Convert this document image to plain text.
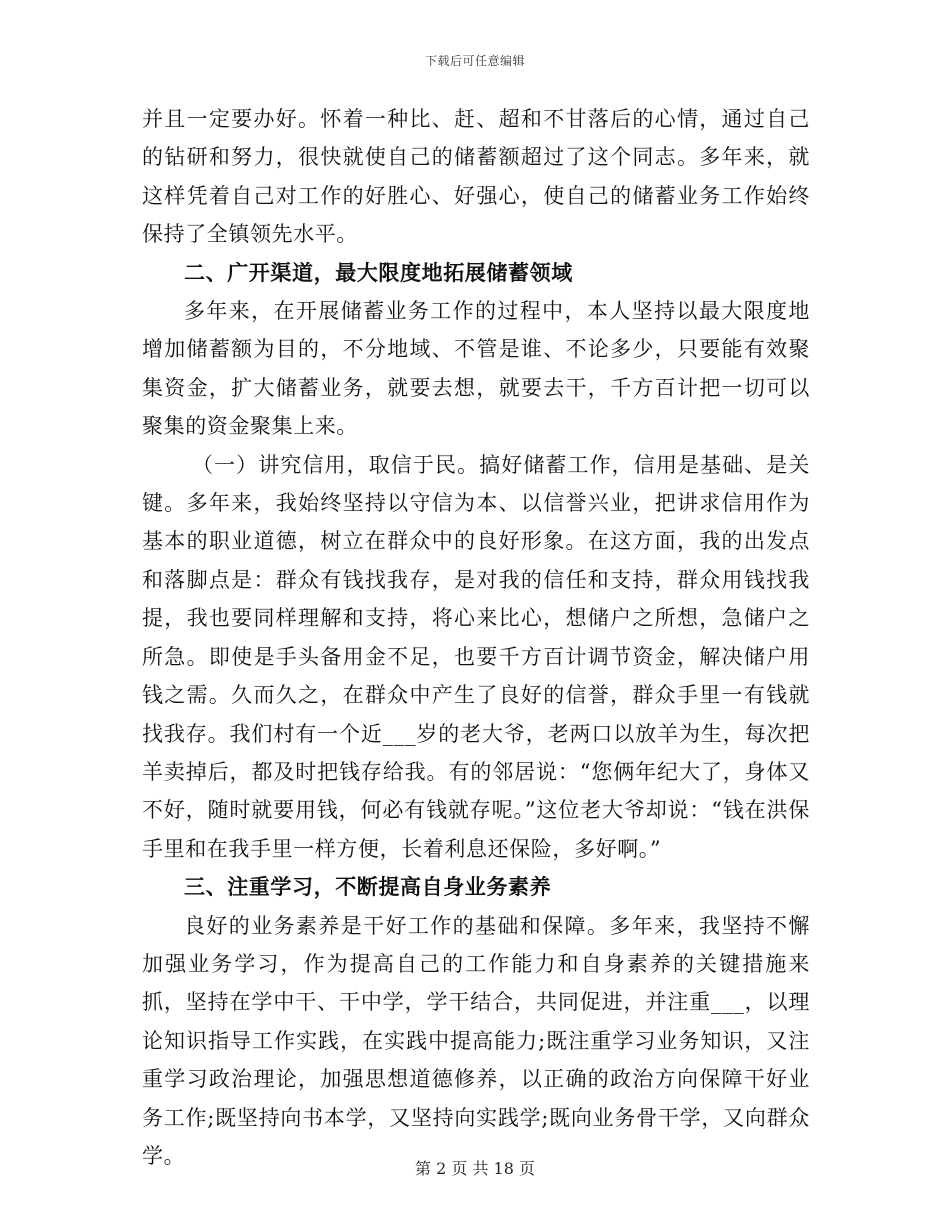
下载后可任意编辑

并且一定要办好。怀着一种比、赶、超和不甘落后的心情，通过自己的钻研和努力，很快就使自己的储蓄额超过了这个同志。多年来，就这样凭着自己对工作的好胜心、好强心，使自己的储蓄业务工作始终保持了全镇领先水平。

二、广开渠道，最大限度地拓展储蓄领域

多年来，在开展储蓄业务工作的过程中，本人坚持以最大限度地增加储蓄额为目的，不分地域、不管是谁、不论多少，只要能有效聚集资金，扩大储蓄业务，就要去想，就要去干，千方百计把一切可以聚集的资金聚集上来。

（一）讲究信用，取信于民。搞好储蓄工作，信用是基础、是关键。多年来，我始终坚持以守信为本、以信誉兴业，把讲求信用作为基本的职业道德，树立在群众中的良好形象。在这方面，我的出发点和落脚点是：群众有钱找我存，是对我的信任和支持，群众用钱找我提，我也要同样理解和支持，将心来比心，想储户之所想，急储户之所急。即使是手头备用金不足，也要千方百计调节资金，解决储户用钱之需。久而久之，在群众中产生了良好的信誉，群众手里一有钱就找我存。我们村有一个近___岁的老大爷，老两口以放羊为生，每次把羊卖掉后，都及时把钱存给我。有的邻居说：“您俩年纪大了，身体又不好，随时就要用钱，何必有钱就存呢。”这位老大爷却说：“钱在洪保手里和在我手里一样方便，长着利息还保险，多好啊。”

三、注重学习，不断提高自身业务素养

良好的业务素养是干好工作的基础和保障。多年来，我坚持不懈加强业务学习，作为提高自己的工作能力和自身素养的关键措施来抓，坚持在学中干、干中学，学干结合，共同促进，并注重___，以理论知识指导工作实践，在实践中提高能力;既注重学习业务知识，又注重学习政治理论，加强思想道德修养，以正确的政治方向保障干好业务工作;既坚持向书本学，又坚持向实践学;既向业务骨干学，又向群众学。

第 2 页 共 18 页
